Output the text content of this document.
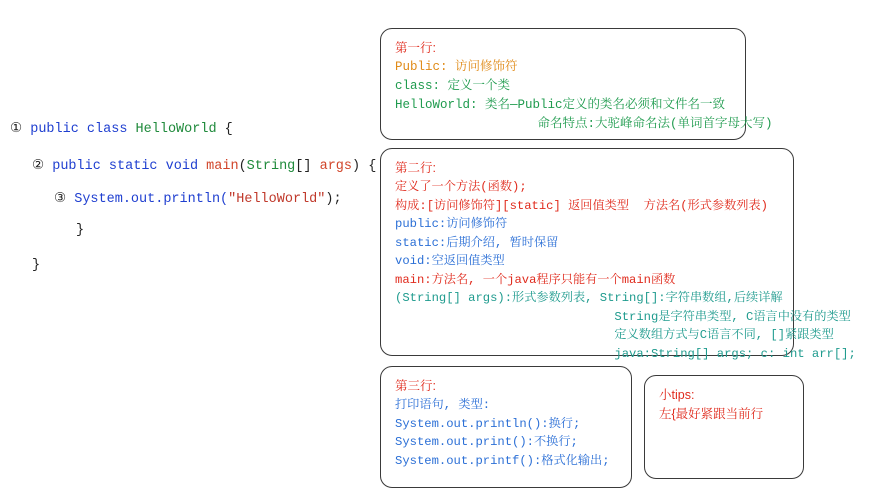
① public class HelloWorld {
② public static void main(String[] args) {
③ System.out.println("HelloWorld");
}
}
第一行:
Public: 访问修饰符
class: 定义一个类
HelloWorld: 类名—Public定义的类名必须和文件名一致
命名特点:大驼峰命名法(单词首字母大写)
第二行:
定义了一个方法(函数);
构成:[访问修饰符][static] 返回值类型  方法名(形式参数列表)
public:访问修饰符
static:后期介绍, 暂时保留
void:空返回值类型
main:方法名, 一个java程序只能有一个main函数
(String[] args):形式参数列表, String[]:字符串数组,后续详解
String是字符串类型, C语言中没有的类型
定义数组方式与C语言不同, []紧跟类型
java:String[] args; c: int arr[];
第三行:
打印语句, 类型:
System.out.println():换行;
System.out.print():不换行;
System.out.printf():格式化输出;
小tips:
左{最好紧跟当前行
